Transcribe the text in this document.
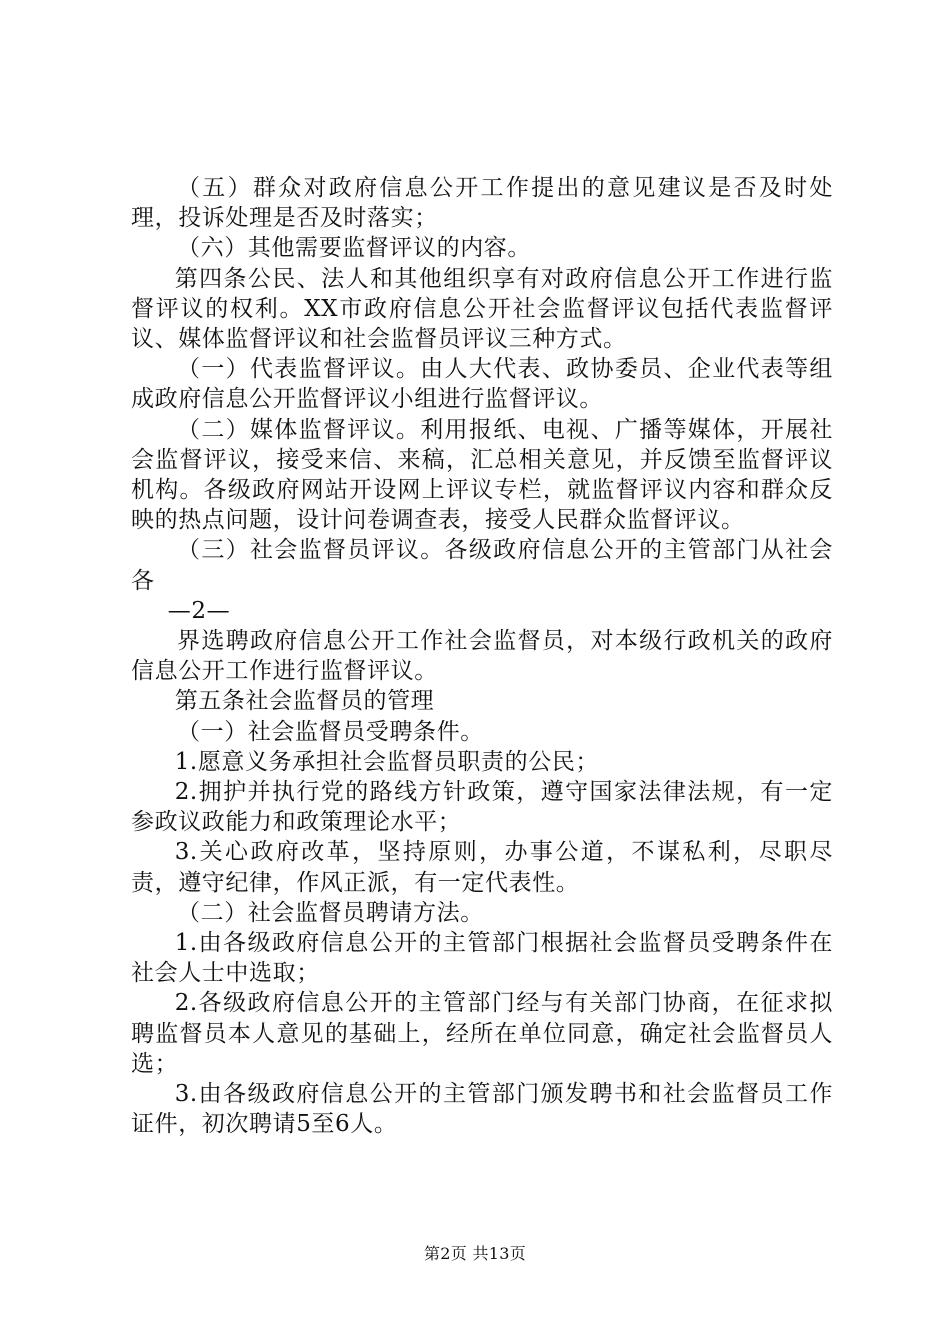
（五）群众对政府信息公开工作提出的意见建议是否及时处理，投诉处理是否及时落实；

（六）其他需要监督评议的内容。

第四条公民、法人和其他组织享有对政府信息公开工作进行监督评议的权利。XX市政府信息公开社会监督评议包括代表监督评议、媒体监督评议和社会监督员评议三种方式。

（一）代表监督评议。由人大代表、政协委员、企业代表等组成政府信息公开监督评议小组进行监督评议。

（二）媒体监督评议。利用报纸、电视、广播等媒体，开展社会监督评议，接受来信、来稿，汇总相关意见，并反馈至监督评议机构。各级政府网站开设网上评议专栏，就监督评议内容和群众反映的热点问题，设计问卷调查表，接受人民群众监督评议。

（三）社会监督员评议。各级政府信息公开的主管部门从社会各

—2—

界选聘政府信息公开工作社会监督员，对本级行政机关的政府信息公开工作进行监督评议。

第五条社会监督员的管理

（一）社会监督员受聘条件。

1.愿意义务承担社会监督员职责的公民；

2.拥护并执行党的路线方针政策，遵守国家法律法规，有一定参政议政能力和政策理论水平；

3.关心政府改革，坚持原则，办事公道，不谋私利，尽职尽责，遵守纪律，作风正派，有一定代表性。

（二）社会监督员聘请方法。

1.由各级政府信息公开的主管部门根据社会监督员受聘条件在社会人士中选取；

2.各级政府信息公开的主管部门经与有关部门协商，在征求拟聘监督员本人意见的基础上，经所在单位同意，确定社会监督员人选；

3.由各级政府信息公开的主管部门颁发聘书和社会监督员工作证件，初次聘请5至6人。

第2页 共13页
